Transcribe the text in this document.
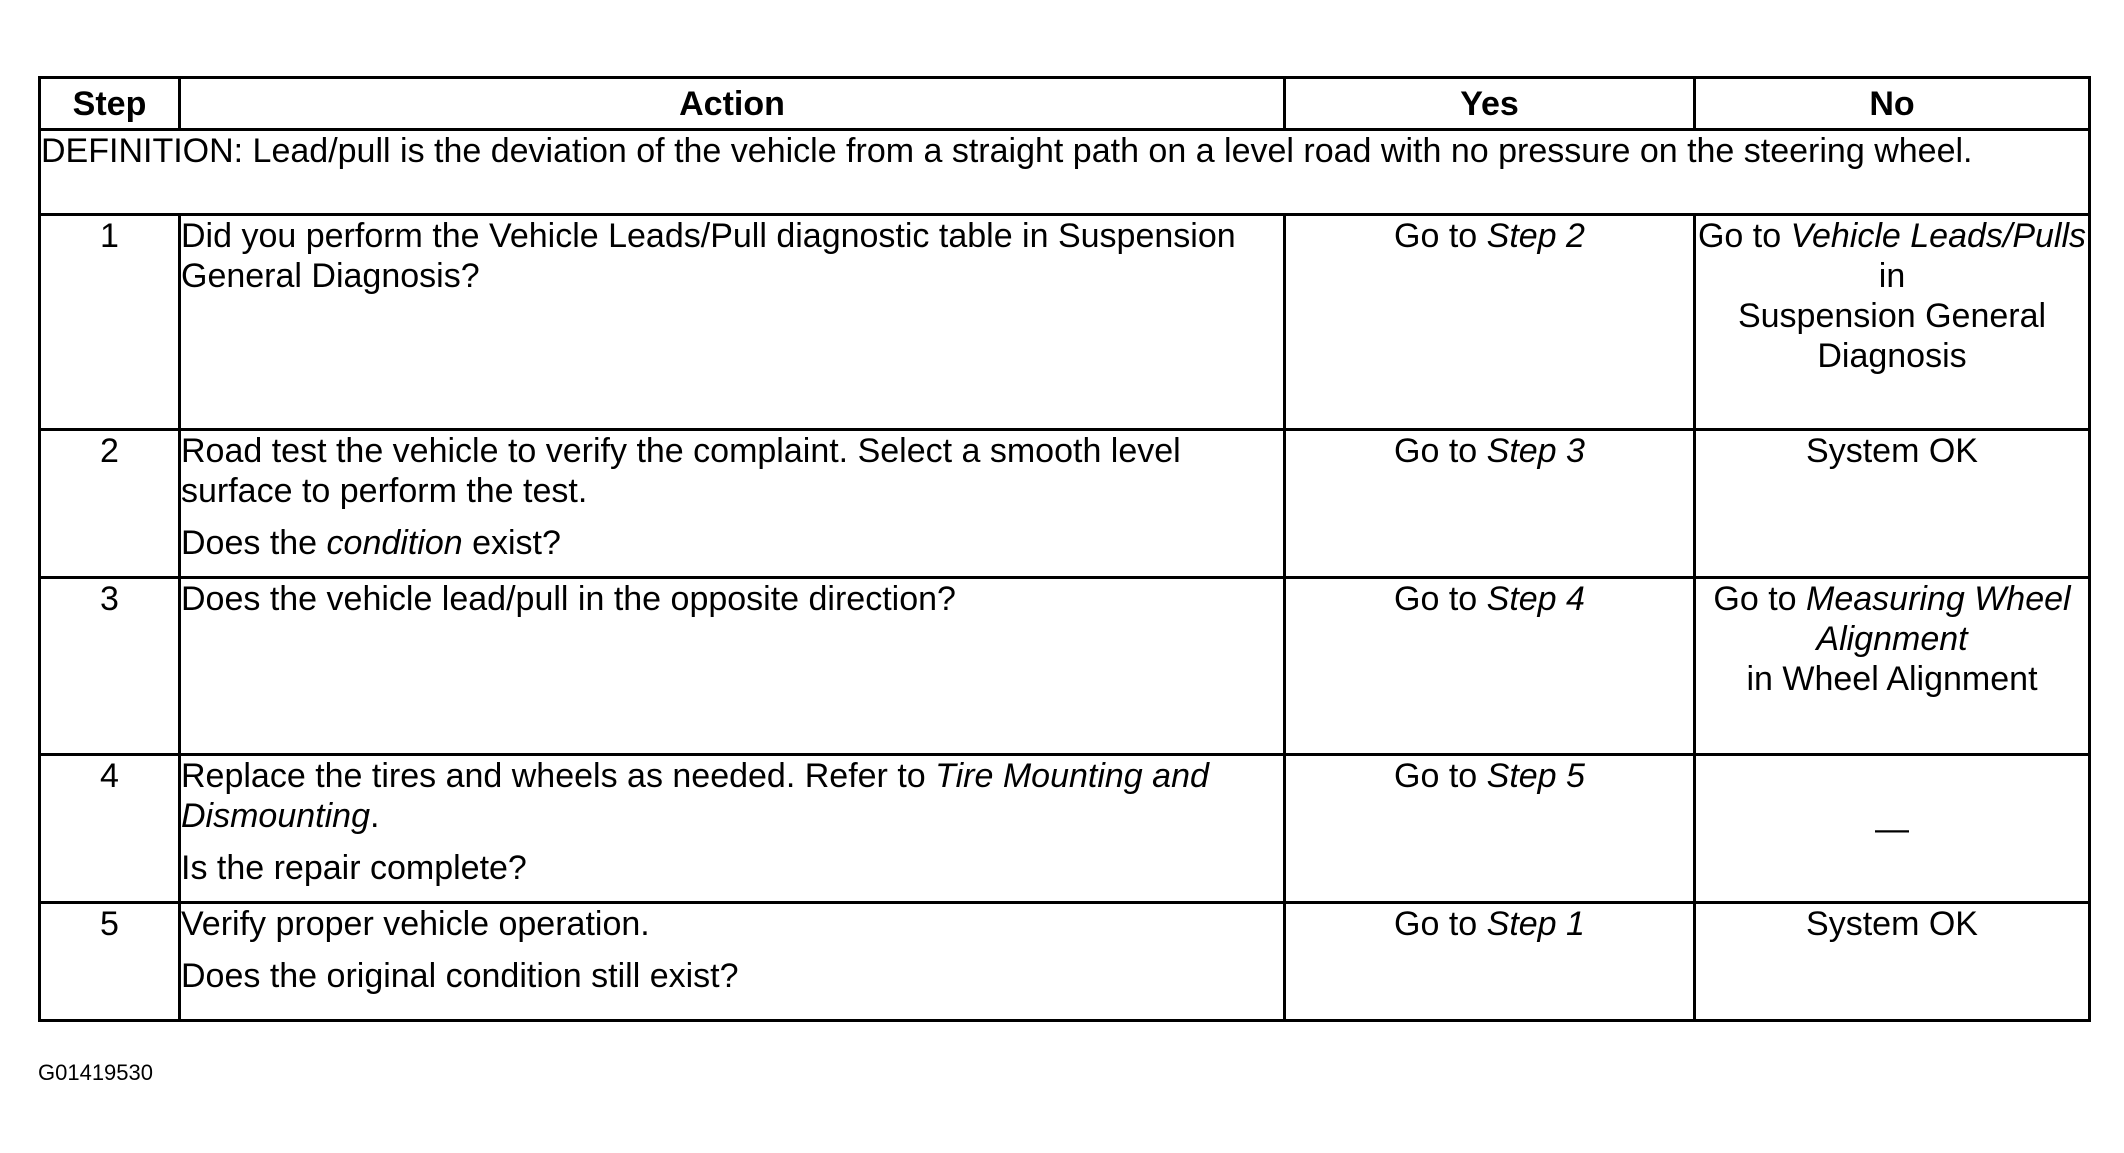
Step	Action	Yes	No
DEFINITION: Lead/pull is the deviation of the vehicle from a straight path on a level road with no pressure on the steering wheel.			
1	Did you perform the Vehicle Leads/Pull diagnostic table in Suspension General Diagnosis?	Go to Step 2	Go to Vehicle Leads/Pulls
in
Suspension General Diagnosis

2	Road test the vehicle to verify the complaint. Select a smooth level surface to perform the test.
Does the condition exist?	Go to Step 3	System OK
3	Does the vehicle lead/pull in the opposite direction?	Go to Step 4	Go to Measuring Wheel Alignment
in Wheel Alignment

4	Replace the tires and wheels as needed. Refer to Tire Mounting and Dismounting.
Is the repair complete?	Go to Step 5	—
5	Verify proper vehicle operation.
Does the original condition still exist?	Go to Step 1	System OK
G01419530
